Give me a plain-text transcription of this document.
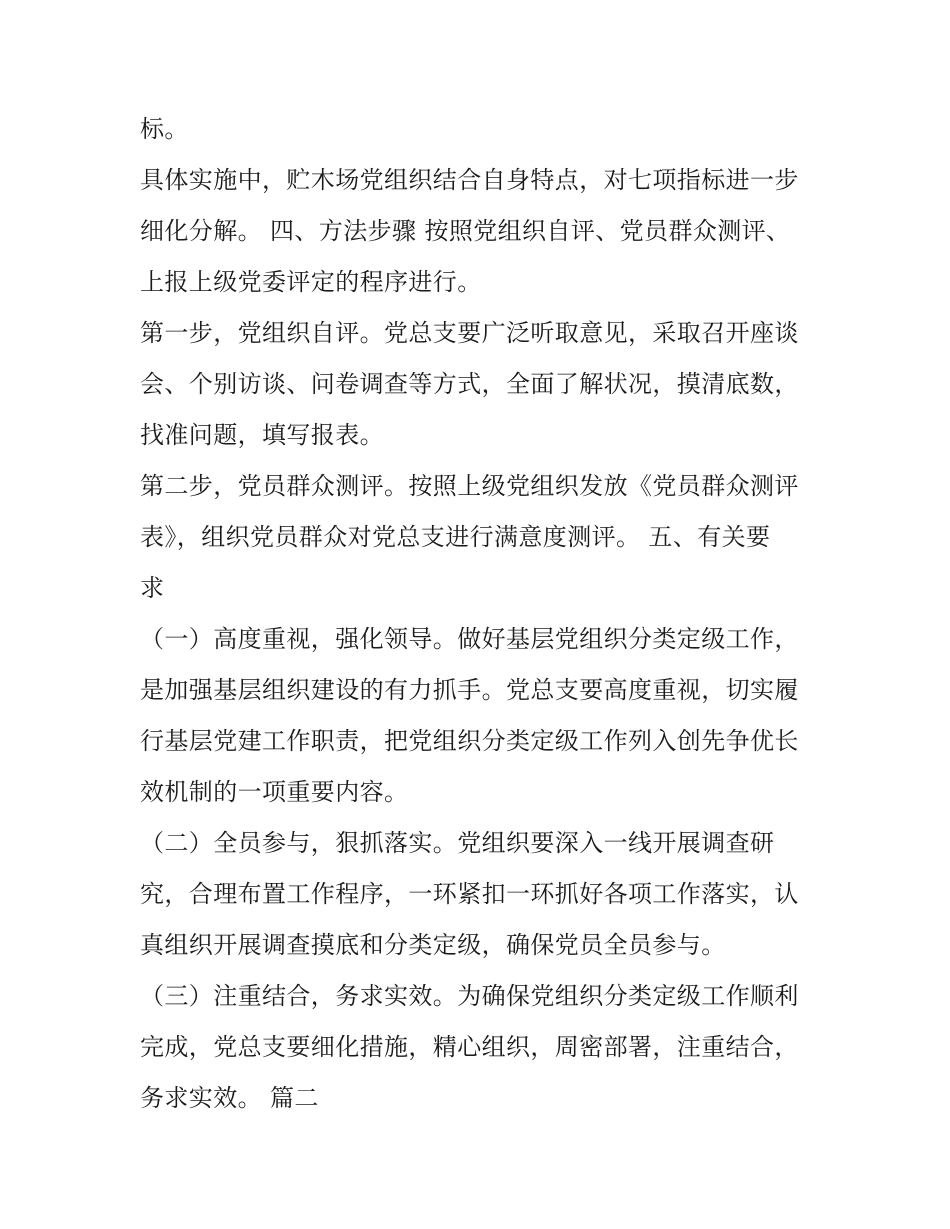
标。
具体实施中，贮木场党组织结合自身特点，对七项指标进一步
细化分解。 四、方法步骤 按照党组织自评、党员群众测评、
上报上级党委评定的程序进行。
第一步，党组织自评。党总支要广泛听取意见，采取召开座谈
会、个别访谈、问卷调查等方式，全面了解状况，摸清底数，
找准问题，填写报表。
第二步，党员群众测评。按照上级党组织发放《党员群众测评
表》，组织党员群众对党总支进行满意度测评。 五、有关要
求
（一）高度重视，强化领导。做好基层党组织分类定级工作，
是加强基层组织建设的有力抓手。党总支要高度重视，切实履
行基层党建工作职责，把党组织分类定级工作列入创先争优长
效机制的一项重要内容。
（二）全员参与，狠抓落实。党组织要深入一线开展调查研
究，合理布置工作程序，一环紧扣一环抓好各项工作落实，认
真组织开展调查摸底和分类定级，确保党员全员参与。
（三）注重结合，务求实效。为确保党组织分类定级工作顺利
完成，党总支要细化措施，精心组织，周密部署，注重结合，
务求实效。 篇二
